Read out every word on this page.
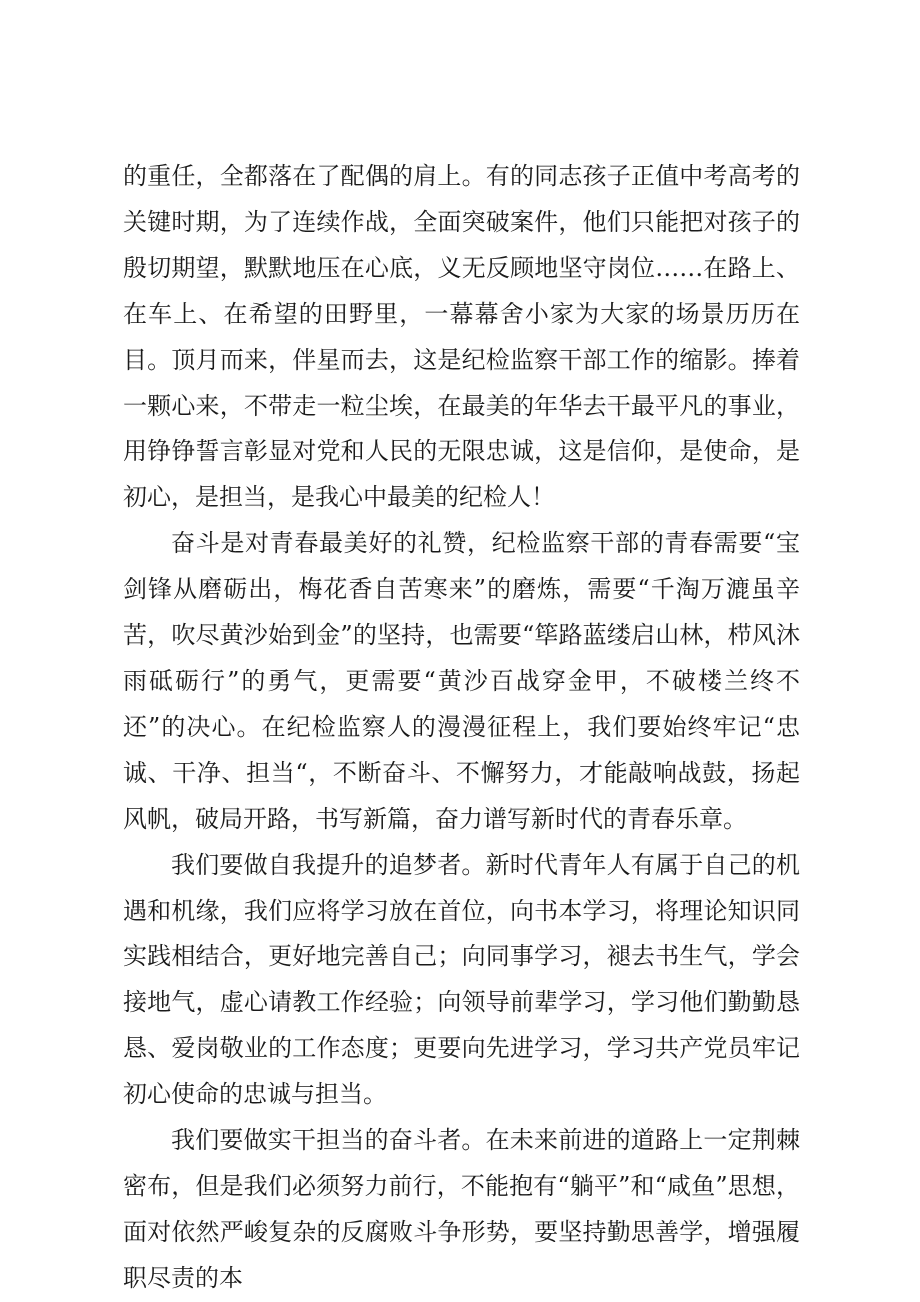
的重任，全都落在了配偶的肩上。有的同志孩子正值中考高考的关键时期，为了连续作战，全面突破案件，他们只能把对孩子的殷切期望，默默地压在心底，义无反顾地坚守岗位……在路上、在车上、在希望的田野里，一幕幕舍小家为大家的场景历历在目。顶月而来，伴星而去，这是纪检监察干部工作的缩影。捧着一颗心来，不带走一粒尘埃，在最美的年华去干最平凡的事业，用铮铮誓言彰显对党和人民的无限忠诚，这是信仰，是使命，是初心，是担当，是我心中最美的纪检人！

奋斗是对青春最美好的礼赞，纪检监察干部的青春需要“宝剑锋从磨砺出，梅花香自苦寒来”的磨炼，需要“千淘万漉虽辛苦，吹尽黄沙始到金”的坚持，也需要“筚路蓝缕启山林，栉风沐雨砥砺行”的勇气，更需要“黄沙百战穿金甲，不破楼兰终不还”的决心。在纪检监察人的漫漫征程上，我们要始终牢记“忠诚、干净、担当“，不断奋斗、不懈努力，才能敲响战鼓，扬起风帆，破局开路，书写新篇，奋力谱写新时代的青春乐章。

我们要做自我提升的追梦者。新时代青年人有属于自己的机遇和机缘，我们应将学习放在首位，向书本学习，将理论知识同实践相结合，更好地完善自己；向同事学习，褪去书生气，学会接地气，虚心请教工作经验；向领导前辈学习，学习他们勤勤恳恳、爱岗敬业的工作态度；更要向先进学习，学习共产党员牢记初心使命的忠诚与担当。

我们要做实干担当的奋斗者。在未来前进的道路上一定荆棘密布，但是我们必须努力前行，不能抱有“躺平”和“咸鱼”思想，面对依然严峻复杂的反腐败斗争形势，要坚持勤思善学，增强履职尽责的本
